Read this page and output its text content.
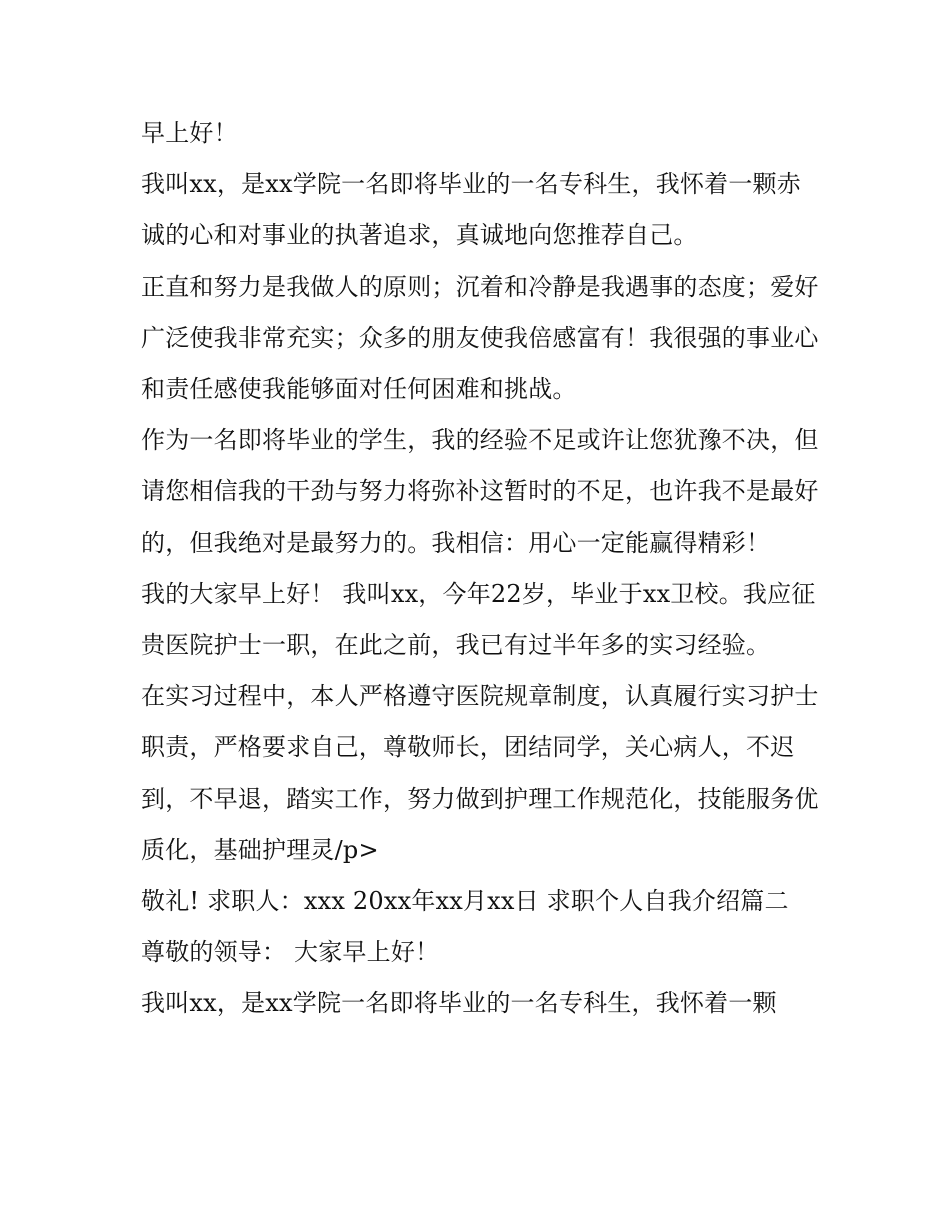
早上好！

我叫xx，是xx学院一名即将毕业的一名专科生，我怀着一颗赤诚的心和对事业的执著追求，真诚地向您推荐自己。

正直和努力是我做人的原则；沉着和冷静是我遇事的态度；爱好广泛使我非常充实；众多的朋友使我倍感富有！我很强的事业心和责任感使我能够面对任何困难和挑战。

作为一名即将毕业的学生，我的经验不足或许让您犹豫不决，但请您相信我的干劲与努力将弥补这暂时的不足，也许我不是最好的，但我绝对是最努力的。我相信：用心一定能赢得精彩！

我的大家早上好！ 我叫xx，今年22岁，毕业于xx卫校。我应征贵医院护士一职，在此之前，我已有过半年多的实习经验。

在实习过程中，本人严格遵守医院规章制度，认真履行实习护士职责，严格要求自己，尊敬师长，团结同学，关心病人，不迟到，不早退，踏实工作，努力做到护理工作规范化，技能服务优质化，基础护理灵/p>

敬礼! 求职人：xxx 20xx年xx月xx日 求职个人自我介绍篇二

尊敬的领导： 大家早上好！

我叫xx，是xx学院一名即将毕业的一名专科生，我怀着一颗
